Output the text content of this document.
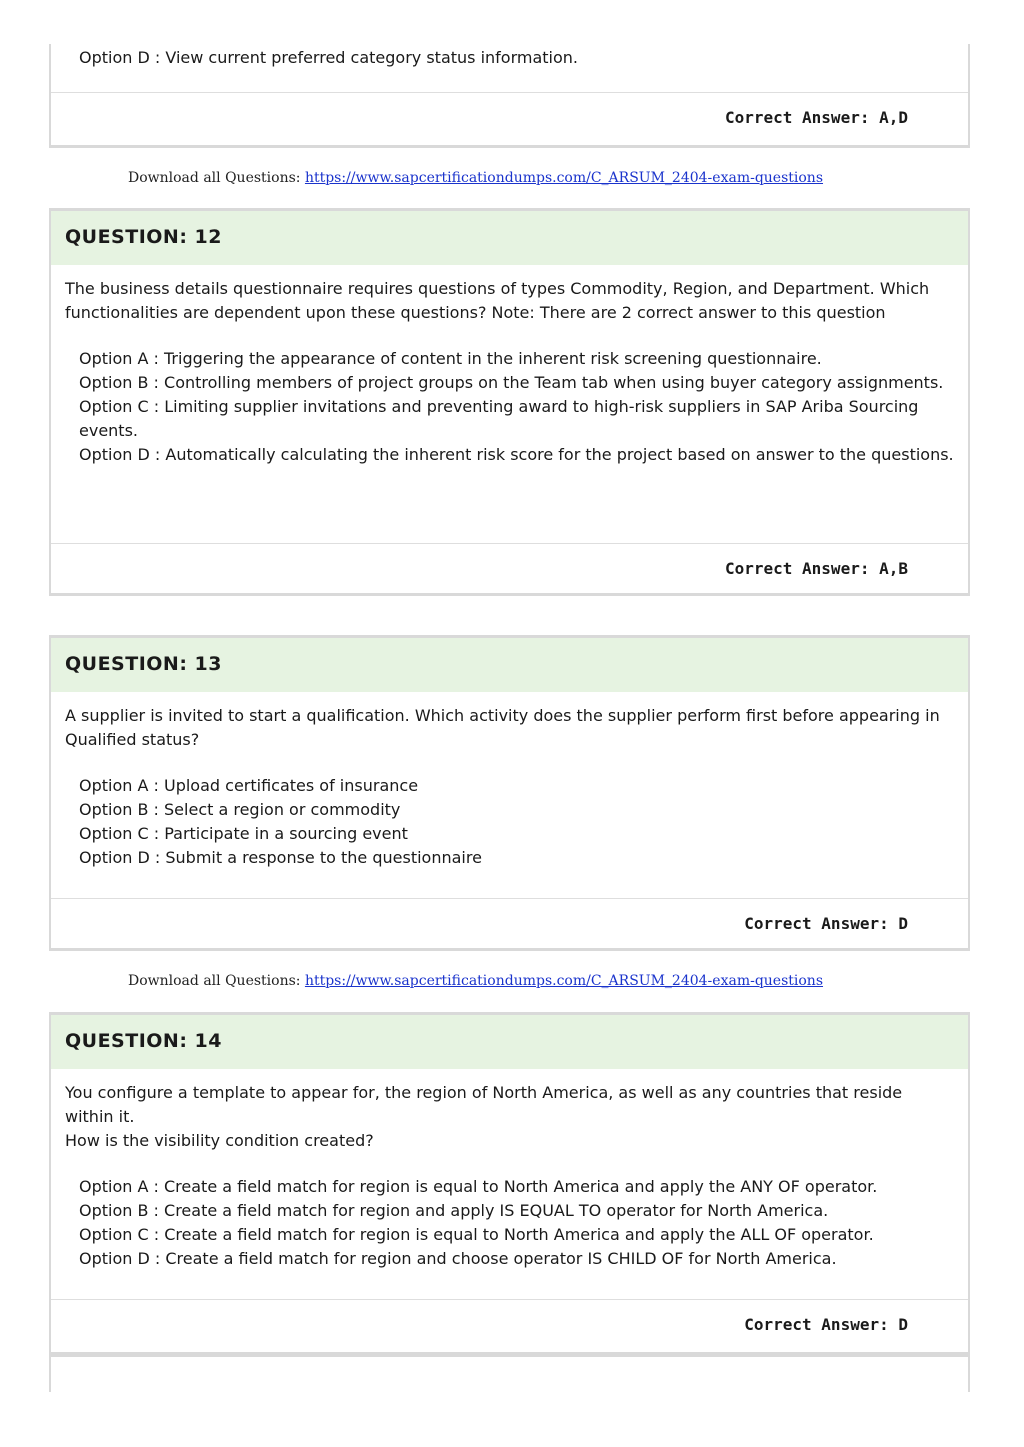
Option D : View current preferred category status information.
Correct Answer: A,D
Download all Questions: https://www.sapcertificationdumps.com/C_ARSUM_2404-exam-questions
QUESTION: 12
The business details questionnaire requires questions of types Commodity, Region, and Department. Which functionalities are dependent upon these questions? Note: There are 2 correct answer to this question
Option A : Triggering the appearance of content in the inherent risk screening questionnaire.
Option B : Controlling members of project groups on the Team tab when using buyer category assignments.
Option C : Limiting supplier invitations and preventing award to high-risk suppliers in SAP Ariba Sourcing events.
Option D : Automatically calculating the inherent risk score for the project based on answer to the questions.
Correct Answer: A,B
QUESTION: 13
A supplier is invited to start a qualification. Which activity does the supplier perform first before appearing in Qualified status?
Option A : Upload certificates of insurance
Option B : Select a region or commodity
Option C : Participate in a sourcing event
Option D : Submit a response to the questionnaire
Correct Answer: D
Download all Questions: https://www.sapcertificationdumps.com/C_ARSUM_2404-exam-questions
QUESTION: 14
You configure a template to appear for, the region of North America, as well as any countries that reside within it.
How is the visibility condition created?
Option A : Create a field match for region is equal to North America and apply the ANY OF operator.
Option B : Create a field match for region and apply IS EQUAL TO operator for North America.
Option C : Create a field match for region is equal to North America and apply the ALL OF operator.
Option D : Create a field match for region and choose operator IS CHILD OF for North America.
Correct Answer: D
